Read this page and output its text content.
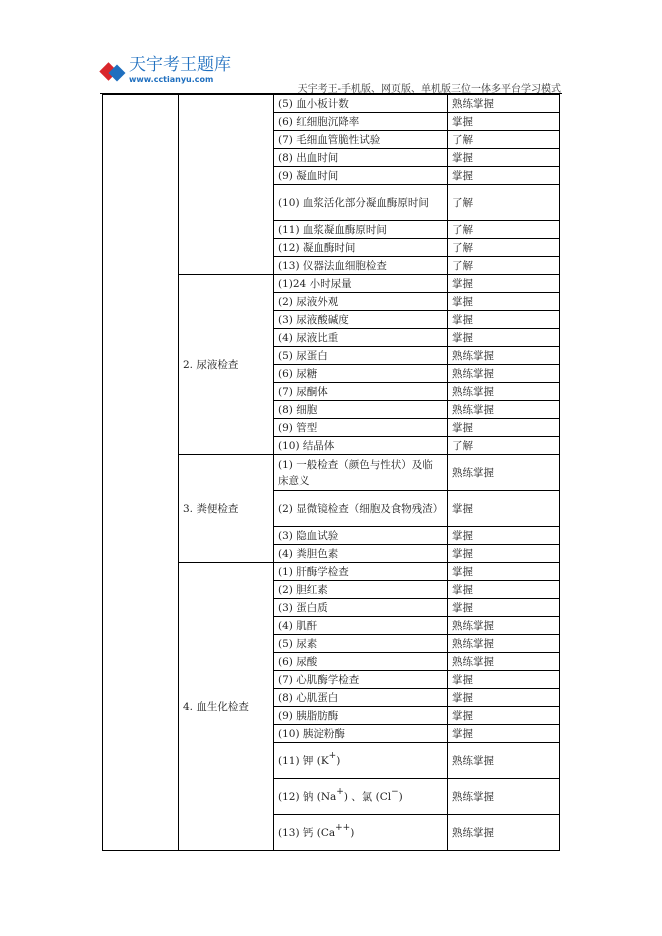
天宇考王题库
www.cctianyu.com
天宇考王-手机版、网页版、单机版三位一体多平台学习模式
		(5) 血小板计数	熟练掌握
		(6) 红细胞沉降率	掌握
		(7) 毛细血管脆性试验	了解
		(8) 出血时间	掌握
		(9) 凝血时间	掌握
		(10) 血浆活化部分凝血酶原时间	了解
		(11) 血浆凝血酶原时间	了解
		(12) 凝血酶时间	了解
		(13) 仪器法血细胞检查	了解
	2. 尿液检查	(1)24 小时尿量	掌握
		(2) 尿液外观	掌握
		(3) 尿液酸碱度	掌握
		(4) 尿液比重	掌握
		(5) 尿蛋白	熟练掌握
		(6) 尿糖	熟练掌握
		(7) 尿酮体	熟练掌握
		(8) 细胞	熟练掌握
		(9) 管型	掌握
		(10) 结晶体	了解
	3. 粪便检查	(1) 一般检查（颜色与性状）及临床意义	熟练掌握
		(2) 显微镜检查（细胞及食物残渣）	掌握
		(3) 隐血试验	掌握
		(4) 粪胆色素	掌握
	4. 血生化检查	(1) 肝酶学检查	掌握
		(2) 胆红素	掌握
		(3) 蛋白质	掌握
		(4) 肌酐	熟练掌握
		(5) 尿素	熟练掌握
		(6) 尿酸	熟练掌握
		(7) 心肌酶学检查	掌握
		(8) 心肌蛋白	掌握
		(9) 胰脂肪酶	掌握
		(10) 胰淀粉酶	掌握
		(11) 钾 (K+)	熟练掌握
		(12) 钠 (Na+) 、氯 (Cl−)	熟练掌握
		(13) 钙 (Ca++)	熟练掌握
